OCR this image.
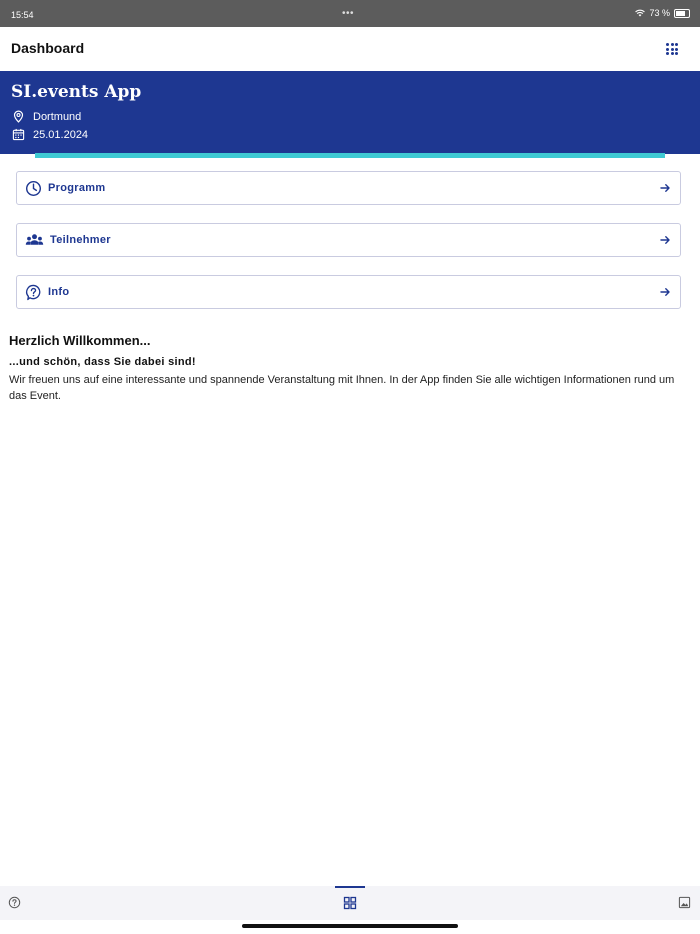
15:54	•••	73 %
Dashboard
SI.events App
Dortmund
25.01.2024
Programm
Teilnehmer
Info
Herzlich Willkommen...
...und schön, dass Sie dabei sind!
Wir freuen uns auf eine interessante und spannende Veranstaltung mit Ihnen. In der App finden Sie alle wichtigen Informationen rund um das Event.
